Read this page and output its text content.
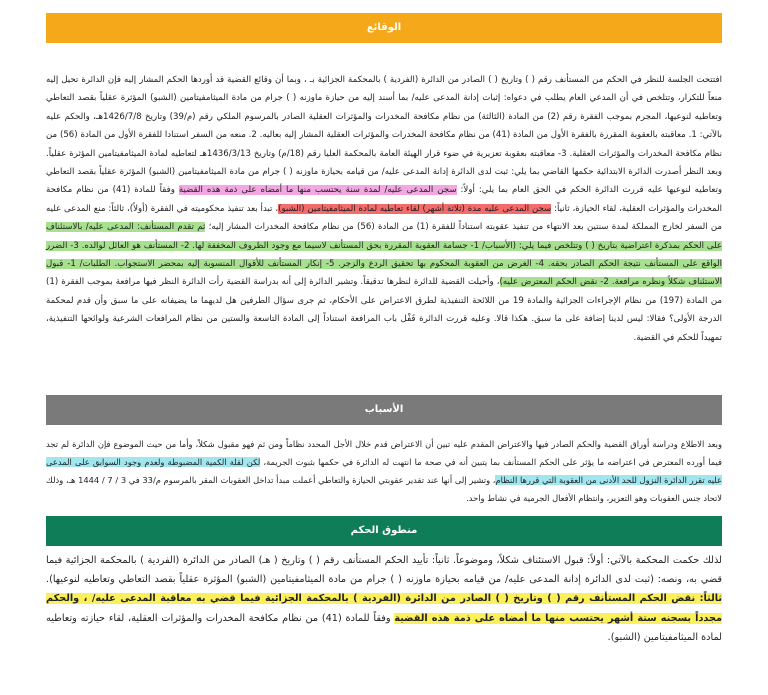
الوقائع
افتتحت الجلسة للنظر في الحكم من المستأنف رقم ( ) وتاريخ ( ) الصادر من الدائرة (الفردية ) بالمحكمة الجزائية بـ ، وبما أن وقائع القضية قد أوردها الحكم المشار إليه فإن الدائرة تحيل إليه منعاً للتكرار، وتتلخص في أن المدعي العام يطلب في دعواه: إثبات إدانة المدعى عليه/ بما أسند إليه من حيازة ماوزنه ( ) جرام من مادة الميثامفيتامين (الشبو) المؤثرة عقلياً بقصد التعاطي وتعاطيه لنوعيها، المجرم بموجب الفقرة رقم (2) من المادة (الثالثة) من نظام مكافحة المخدرات والمؤثرات العقلية الصادر بالمرسوم الملكي رقم (م/39) وتاريخ 1426/7/8هـ، والحكم عليه بالآتي: 1. معاقبته بالعقوبة المقررة بالفقرة الأول من المادة (41) من نظام مكافحة المخدرات والمؤثرات العقلية المشار إليه بعاليه. 2. منعه من السفر استنادا للفقرة الأول من المادة (56) من نظام مكافحة المخدرات والمؤثرات العقلية. 3- معاقبته بعقوبة تعزيرية في ضوء قرار الهيئة العامة بالمحكمة العليا رقم (18/م) وتاريخ 1436/3/13هـ لتعاطيه لمادة الميثامفيتامين المؤثرة عقلياً. وبعد النظر أصدرت الدائرة الابتدائية حكمها القاضي بما يلي: ثبت لدى الدائرة إدانة المدعى عليه/ من قيامه بحيازة ماوزنه ( ) جرام من مادة الميثامفيتامين (الشبو) المؤثرة عقلياً بقصد التعاطي وتعاطيه لنوعيها عليه قررت الدائرة الحكم في الحق العام بما يلي: أولاً: سجن المدعى عليه/ لمدة سنة يحتسب منها ما أمضاه على ذمة هذه القضية وفقاً للمادة (41) من نظام مكافحة المخدرات والمؤثرات العقلية، لقاء الحيازة، ثانياً: سجن المدعى عليه مدة (ثلاثة أشهر) لقاء تعاطيه لمادة الميثامفيتامين (الشبو)، تبدأ بعد تنفيذ محكوميته في الفقرة (أولاً)، ثالثاً: منع المدعى عليه من السفر لخارج المملكة لمدة سنتين بعد الانتهاء من تنفيذ عقوبته استناداً للفقرة (1) من المادة (56) من نظام مكافحة المخدرات المشار إليه؛ ثم تقدم المستأنف: المدعى عليه/ بالاستئناف على الحكم بمذكرة اعتراضية بتاريخ ( ) وتتلخص فيما يلي: (الأسباب/ 1- جسامة العقوبة المقررة بحق المستأنف لاسيما مع وجود الظروف المخففة لها. 2- المستأنف هو العائل لوالده. 3- الضرر الواقع على المستأنف نتيجة الحكم الصادر بحقه. 4- الغرض من العقوبة المحكوم بها تحقيق الردع والزجر. 5- إنكار المستأنف للأقوال المنسوبة إليه بمحضر الاستجواب. الطلبات/ 1- قبول الاستئناف شكلاً ونظره مرافعة. 2- نقض الحكم المعترض عليه)، وأحيلت القضية للدائرة لنظرها تدقيقاً. وتشير الدائرة إلى أنه بدراسة القضية رأت الدائرة النظر فيها مرافعة بموجب الفقرة (1) من المادة (197) من نظام الإجراءات الجزائية والمادة 19 من اللائحة التنفيذية لطرق الاعتراض على الأحكام، ثم جرى سؤال الطرفين هل لديهما ما يضيفانه على ما سبق وأن قدم لمحكمة الدرجة الأولى؟ فقالا: ليس لدينا إضافة على ما سبق. هكذا قالا. وعليه قررت الدائرة قَفْل باب المرافعة استناداً إلى المادة التاسعة والستين من نظام المرافعات الشرعية ولوائحها التنفيذية، تمهيداً للحكم في القضية.
الأسباب
وبعد الاطلاع ودراسة أوراق القضية والحكم الصادر فيها والاعتراض المقدم عليه تبين أن الاعتراض قدم خلال الأجل المحدد نظاماً ومن ثم فهو مقبول شكلاً، وأما من حيث الموضوع فإن الدائرة لم تجد فيما أورده المعترض في اعتراضه ما يؤثر على الحكم المستأنف بما يتبين أنه في صحة ما انتهت له الدائرة في حكمها بثبوت الجريمة، لكن لقلة الكمية المضبوطة ولعدم وجود السوابق على المدعى عليه تقرر الدائرة النزول للحد الأدنى من العقوبة التي قررها النظام، وتشير إلى أنها عند تقدير عقوبتي الحيازة والتعاطي أعملت مبدأ تداخل العقوبات المقر بالمرسوم م/33 في 3 / 7 / 1444 هـ، وذلك لاتحاد جنس العقوبات وهو التعزير، وانتظام الأفعال الجرمية في نشاط واحد.
منطوق الحكم
لذلك حكمت المحكمة بالآتي: أولاً: قبول الاستئناف شكلاً، وموضوعاً. ثانياً: تأييد الحكم المستأنف رقم ( ) وتاريخ ( هـ) الصادر من الدائرة (الفردية ) بالمحكمة الجزائية فيما قضي به، ونصه: (ثبت لدى الدائرة إدانة المدعى عليه/ من قيامه بحيازة ماوزنه ( ) جرام من مادة الميثامفيتامين (الشبو) المؤثرة عقلياً بقصد التعاطي وتعاطيه لنوعيها). ثالثاً: نقض الحكم المستأنف رقم ( ) وتاريخ ( ) الصادر من الدائرة (الفردية ) بالمحكمة الجزائية فيما قضي به معاقبة المدعى عليه/ ، والحكم مجدداً بسجنه ستة أشهر يحتسب منها ما أمضاه على ذمة هذه القضية وفقاً للمادة (41) من نظام مكافحة المخدرات والمؤثرات العقلية، لقاء حيازته وتعاطيه لمادة الميثامفيتامين (الشبو).
